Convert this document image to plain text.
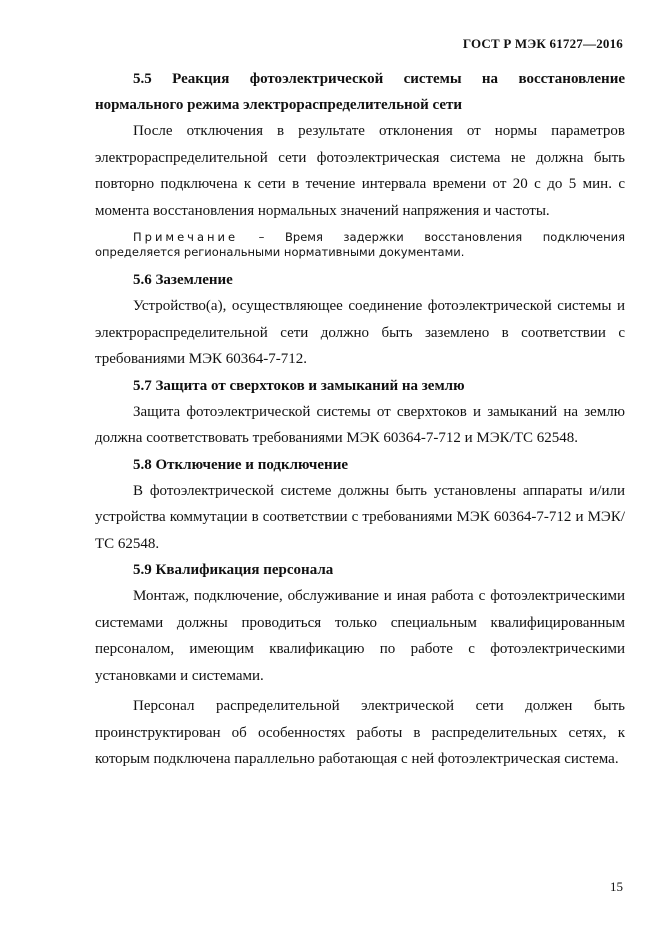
ГОСТ Р МЭК 61727—2016
5.5 Реакция фотоэлектрической системы на восстановление нормального режима электрораспределительной сети

После отключения в результате отклонения от нормы параметров электрораспределительной сети фотоэлектрическая система не должна быть повторно подключена к сети в течение интервала времени от 20 с до 5 мин. с момента восстановления нормальных значений напряжения и частоты.

Примечание – Время задержки восстановления подключения определяется региональными нормативными документами.
5.6 Заземление

Устройство(а), осуществляющее соединение фотоэлектрической системы и электрораспределительной сети должно быть заземлено в соответствии с требованиями МЭК 60364-7-712.

5.7 Защита от сверхтоков и замыканий на землю

Защита фотоэлектрической системы от сверхтоков и замыканий на землю должна соответствовать требованиями МЭК 60364-7-712 и МЭК/ТС 62548.

5.8 Отключение и подключение

В фотоэлектрической системе должны быть установлены аппараты и/или устройства коммутации в соответствии с требованиями МЭК 60364-7-712 и МЭК/ТС 62548.

5.9 Квалификация персонала

Монтаж, подключение, обслуживание и иная работа с фотоэлектрическими системами должны проводиться только специальным квалифицированным персоналом, имеющим квалификацию по работе с фотоэлектрическими установками и системами.

Персонал распределительной электрической сети должен быть проинструктирован об особенностях работы в распределительных сетях, к которым подключена параллельно работающая с ней фотоэлектрическая система.

15
